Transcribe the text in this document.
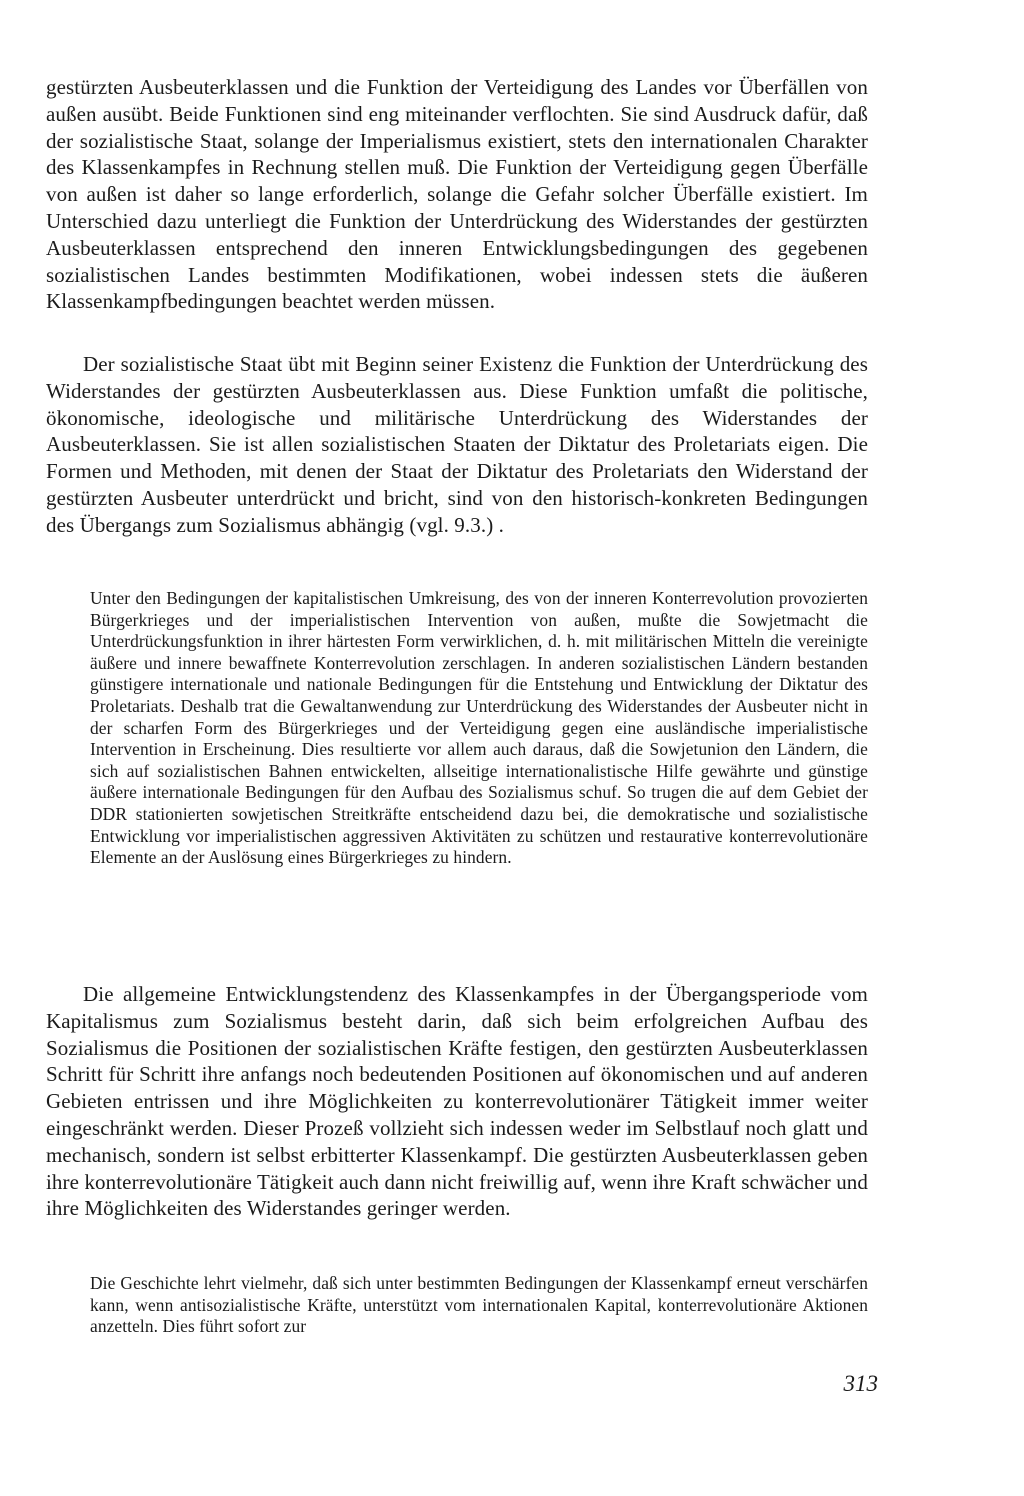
gestürzten Ausbeuterklassen und die Funktion der Verteidigung des Landes vor Überfällen von außen ausübt. Beide Funktionen sind eng miteinander verflochten. Sie sind Ausdruck dafür, daß der sozialistische Staat, solange der Imperialismus existiert, stets den internationalen Charakter des Klassenkampfes in Rechnung stellen muß. Die Funktion der Verteidigung gegen Überfälle von außen ist daher so lange erforderlich, solange die Gefahr solcher Überfälle existiert. Im Unterschied dazu unterliegt die Funktion der Unterdrückung des Widerstandes der gestürzten Ausbeuterklassen entsprechend den inneren Entwicklungsbedingungen des gegebenen sozialistischen Landes bestimmten Modifikationen, wobei indessen stets die äußeren Klassenkampfbedingungen beachtet werden müssen.

Der sozialistische Staat übt mit Beginn seiner Existenz die Funktion der Unterdrückung des Widerstandes der gestürzten Ausbeuterklassen aus. Diese Funktion umfaßt die politische, ökonomische, ideologische und militärische Unterdrückung des Widerstandes der Ausbeuterklassen. Sie ist allen sozialistischen Staaten der Diktatur des Proletariats eigen. Die Formen und Methoden, mit denen der Staat der Diktatur des Proletariats den Widerstand der gestürzten Ausbeuter unterdrückt und bricht, sind von den historisch-konkreten Bedingungen des Übergangs zum Sozialismus abhängig (vgl. 9.3.) .

Unter den Bedingungen der kapitalistischen Umkreisung, des von der inneren Konterrevolution provozierten Bürgerkrieges und der imperialistischen Intervention von außen, mußte die Sowjetmacht die Unterdrückungsfunktion in ihrer härtesten Form verwirklichen, d. h. mit militärischen Mitteln die vereinigte äußere und innere bewaffnete Konterrevolution zerschlagen. In anderen sozialistischen Ländern bestanden günstigere internationale und nationale Bedingungen für die Entstehung und Entwicklung der Diktatur des Proletariats. Deshalb trat die Gewaltanwendung zur Unterdrückung des Widerstandes der Ausbeuter nicht in der scharfen Form des Bürgerkrieges und der Verteidigung gegen eine ausländische imperialistische Intervention in Erscheinung. Dies resultierte vor allem auch daraus, daß die Sowjetunion den Ländern, die sich auf sozialistischen Bahnen entwickelten, allseitige internationalistische Hilfe gewährte und günstige äußere internationale Bedingungen für den Aufbau des Sozialismus schuf. So trugen die auf dem Gebiet der DDR stationierten sowjetischen Streitkräfte entscheidend dazu bei, die demokratische und sozialistische Entwicklung vor imperialistischen aggressiven Aktivitäten zu schützen und restaurative konterrevolutionäre Elemente an der Auslösung eines Bürgerkrieges zu hindern.

Die allgemeine Entwicklungstendenz des Klassenkampfes in der Übergangsperiode vom Kapitalismus zum Sozialismus besteht darin, daß sich beim erfolgreichen Aufbau des Sozialismus die Positionen der sozialistischen Kräfte festigen, den gestürzten Ausbeuterklassen Schritt für Schritt ihre anfangs noch bedeutenden Positionen auf ökonomischen und auf anderen Gebieten entrissen und ihre Möglichkeiten zu konterrevolutionärer Tätigkeit immer weiter eingeschränkt werden. Dieser Prozeß vollzieht sich indessen weder im Selbstlauf noch glatt und mechanisch, sondern ist selbst erbitterter Klassenkampf. Die gestürzten Ausbeuterklassen geben ihre konterrevolutionäre Tätigkeit auch dann nicht freiwillig auf, wenn ihre Kraft schwächer und ihre Möglichkeiten des Widerstandes geringer werden.

Die Geschichte lehrt vielmehr, daß sich unter bestimmten Bedingungen der Klassenkampf erneut verschärfen kann, wenn antisozialistische Kräfte, unterstützt vom internationalen Kapital, konterrevolutionäre Aktionen anzetteln. Dies führt sofort zur

313
